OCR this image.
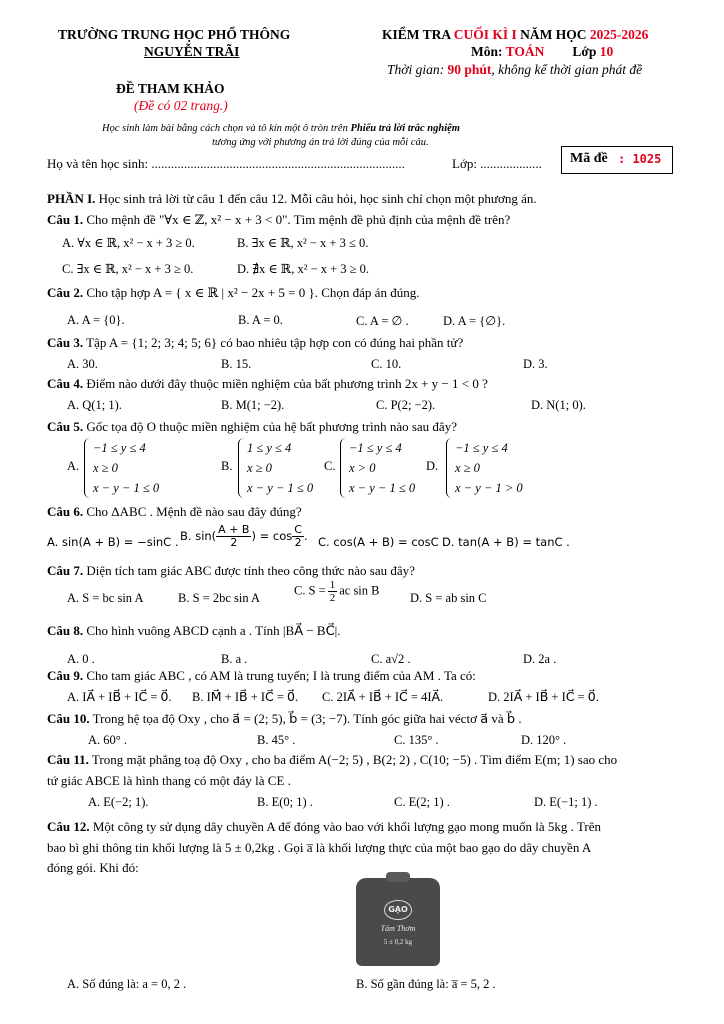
TRƯỜNG TRUNG HỌC PHỔ THÔNG
NGUYỄN TRÃI
KIỂM TRA CUỐI KÌ I NĂM HỌC 2025-2026
Môn: TOÁN Lớp 10
Thời gian: 90 phút, không kể thời gian phát đề
ĐỀ THAM KHẢO
(Đề có 02 trang.)
Học sinh làm bài bằng cách chọn và tô kín một ô tròn trên Phiếu trả lời trắc nghiệm
tương ứng với phương án trả lời đúng của mỗi câu.
Họ và tên học sinh: ..............................................................................	Lớp: ................... Mã đề : 1025
PHẦN I. Học sinh trả lời từ câu 1 đến câu 12. Mỗi câu hỏi, học sinh chỉ chọn một phương án.
Câu 1. Cho mệnh đề "∀x ∈ ℤ, x² − x + 3 < 0". Tìm mệnh đề phủ định của mệnh đề trên?
A. ∀x ∈ ℝ, x² − x + 3 ≥ 0.	B. ∃x ∈ ℝ, x² − x + 3 ≤ 0.
C. ∃x ∈ ℝ, x² − x + 3 ≥ 0.	D. ∄x ∈ ℝ, x² − x + 3 ≥ 0.
Câu 2. Cho tập hợp A = { x ∈ ℝ | x² − 2x + 5 = 0 }. Chọn đáp án đúng.
A. A = {0}.	B. A = 0.	C. A = ∅ .	D. A = {∅}.
Câu 3. Tập A = {1; 2; 3; 4; 5; 6} có bao nhiêu tập hợp con có đúng hai phần tử?
A. 30.	B. 15.	C. 10.	D. 3.
Câu 4. Điểm nào dưới đây thuộc miền nghiệm của bất phương trình 2x + y − 1 < 0 ?
A. Q(1; 1).	B. M(1; −2).	C. P(2; −2).	D. N(1; 0).
Câu 5. Gốc tọa độ O thuộc miền nghiệm của hệ bất phương trình nào sau đây?
A.
−1 ≤ y ≤ 4
x ≥ 0
x − y − 1 ≤ 0
B.
1 ≤ y ≤ 4
x ≥ 0
x − y − 1 ≤ 0
C.
−1 ≤ y ≤ 4
x > 0
x − y − 1 ≤ 0
D.
−1 ≤ y ≤ 4
x ≥ 0
x − y − 1 > 0
Câu 6. Cho ΔABC . Mệnh đề nào sau đây đúng?
A. sin(A + B) = −sinC . B. $\sin( \frac{A + B}{2}$ ) = $\cos \frac{C}{2}$ . C. cos(A + B) = cosC .
D. tan(A + B) = tanC .
Câu 7. Diện tích tam giác ABC được tính theo công thức nào sau đây?
A. S = bc sin A	B. S = 2bc sin A
C. $S = \frac{1}{2}$ ac sin B
D. S = ab sin C
Câu 8. Cho hình vuông ABCD cạnh a . Tính |BA⃗ − BC⃗|.
A. 0 .	B. a .	C. a√2 .	D. 2a .
Câu 9. Cho tam giác ABC , có AM là trung tuyến; I là trung điểm của AM . Ta có:
A. IA⃗ + IB⃗ + IC⃗ = 0⃗. B. IM⃗ + IB⃗ + IC⃗ = 0⃗. C. 2IA⃗ + IB⃗ + IC⃗ = 4IA⃗.	D. 2IA⃗ + IB⃗ + IC⃗ = 0⃗.
Câu 10. Trong hệ tọa độ Oxy , cho a⃗ = (2; 5), b⃗ = (3; −7). Tính góc giữa hai véctơ a⃗ và b⃗ .
A. 60° .	B. 45° .	C. 135° .	D. 120° .
Câu 11. Trong mặt phẳng toạ độ Oxy , cho ba điểm A(−2; 5) , B(2; 2) , C(10; −5) . Tìm điểm E(m; 1) sao cho
tứ giác ABCE là hình thang có một đáy là CE .
A. E(−2; 1).	B. E(0; 1) .	C. E(2; 1) .	D. E(−1; 1) .
Câu 12. Một công ty sử dụng dây chuyền A để đóng vào bao với khối lượng gạo mong muốn là 5kg . Trên
bao bì ghi thông tin khối lượng là 5 ± 0,2kg . Gọi a̅ là khối lượng thực của một bao gạo do dây chuyền A
đóng gói. Khi đó:
GẠO
Tám Thơm
5 ± 0,2 kg
A. Số đúng là: a = 0, 2 .	B. Số gần đúng là: a̅ = 5, 2 .
